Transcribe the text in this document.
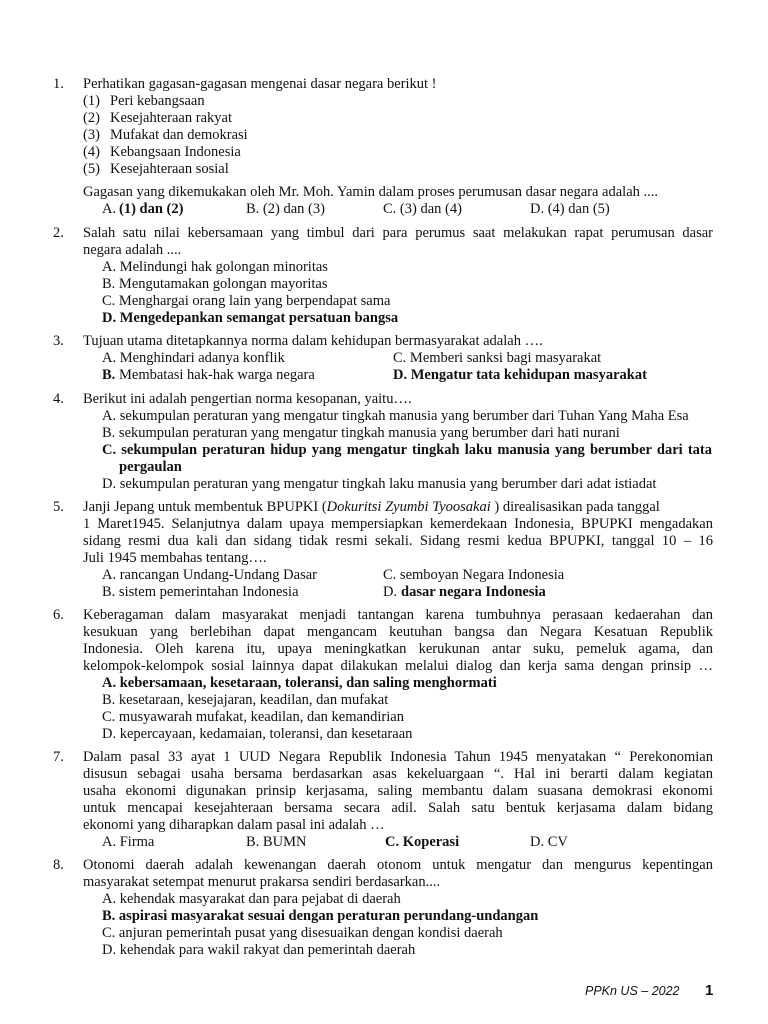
1. Perhatikan gagasan-gagasan mengenai dasar negara berikut !
(1) Peri kebangsaan
(2) Kesejahteraan rakyat
(3) Mufakat dan demokrasi
(4) Kebangsaan Indonesia
(5) Kesejahteraan sosial
Gagasan yang dikemukakan oleh Mr. Moh. Yamin dalam proses perumusan dasar negara adalah ....
A. (1) dan (2)	B. (2) dan (3)	C. (3) dan (4)	D. (4) dan (5)
2. Salah satu nilai kebersamaan yang timbul dari para perumus saat melakukan rapat perumusan dasar
negara adalah ....
A. Melindungi hak golongan minoritas
B. Mengutamakan golongan mayoritas
C. Menghargai orang lain yang berpendapat sama
D. Mengedepankan semangat persatuan bangsa
3. Tujuan utama ditetapkannya norma dalam kehidupan bermasyarakat adalah ….
A. Menghindari adanya konflik	C. Memberi sanksi bagi masyarakat
B. Membatasi hak-hak warga negara	D. Mengatur tata kehidupan masyarakat
4. Berikut ini adalah pengertian norma kesopanan, yaitu….
A. sekumpulan peraturan yang mengatur tingkah manusia yang berumber dari Tuhan Yang Maha Esa
B. sekumpulan peraturan yang mengatur tingkah manusia yang berumber dari hati nurani
C. sekumpulan peraturan hidup yang mengatur tingkah laku manusia yang berumber dari tata
pergaulan
D. sekumpulan peraturan yang mengatur tingkah laku manusia yang berumber dari adat istiadat
5. Janji Jepang untuk membentuk BPUPKI (Dokuritsi Zyumbi Tyoosakai ) direalisasikan pada tanggal
1 Maret1945. Selanjutnya dalam upaya mempersiapkan kemerdekaan Indonesia, BPUPKI mengadakan
sidang resmi dua kali dan sidang tidak resmi sekali. Sidang resmi kedua BPUPKI, tanggal 10 – 16
Juli 1945 membahas tentang….
A. rancangan Undang-Undang Dasar	C. semboyan Negara Indonesia
B. sistem pemerintahan Indonesia	D. dasar negara Indonesia
6. Keberagaman dalam masyarakat menjadi tantangan karena tumbuhnya perasaan kedaerahan dan
kesukuan yang berlebihan dapat mengancam keutuhan bangsa dan Negara Kesatuan Republik
Indonesia. Oleh karena itu, upaya meningkatkan kerukunan antar suku, pemeluk agama, dan
kelompok-kelompok sosial lainnya dapat dilakukan melalui dialog dan kerja sama dengan prinsip …
A. kebersamaan, kesetaraan, toleransi, dan saling menghormati
B. kesetaraan, kesejajaran, keadilan, dan mufakat
C. musyawarah mufakat, keadilan, dan kemandirian
D. kepercayaan, kedamaian, toleransi, dan kesetaraan
7. Dalam pasal 33 ayat 1 UUD Negara Republik Indonesia Tahun 1945 menyatakan “ Perekonomian
disusun sebagai usaha bersama berdasarkan asas kekeluargaan “. Hal ini berarti dalam kegiatan
usaha ekonomi digunakan prinsip kerjasama, saling membantu dalam suasana demokrasi ekonomi
untuk mencapai kesejahteraan bersama secara adil. Salah satu bentuk kerjasama dalam bidang
ekonomi yang diharapkan dalam pasal ini adalah …
A. Firma	B. BUMN	C. Koperasi	D. CV
8. Otonomi daerah adalah kewenangan daerah otonom untuk mengatur dan mengurus kepentingan
masyarakat setempat menurut prakarsa sendiri berdasarkan....
A. kehendak masyarakat dan para pejabat di daerah
B. aspirasi masyarakat sesuai dengan peraturan perundang-undangan
C. anjuran pemerintah pusat yang disesuaikan dengan kondisi daerah
D. kehendak para wakil rakyat dan pemerintah daerah
PPKn US – 2022 1
